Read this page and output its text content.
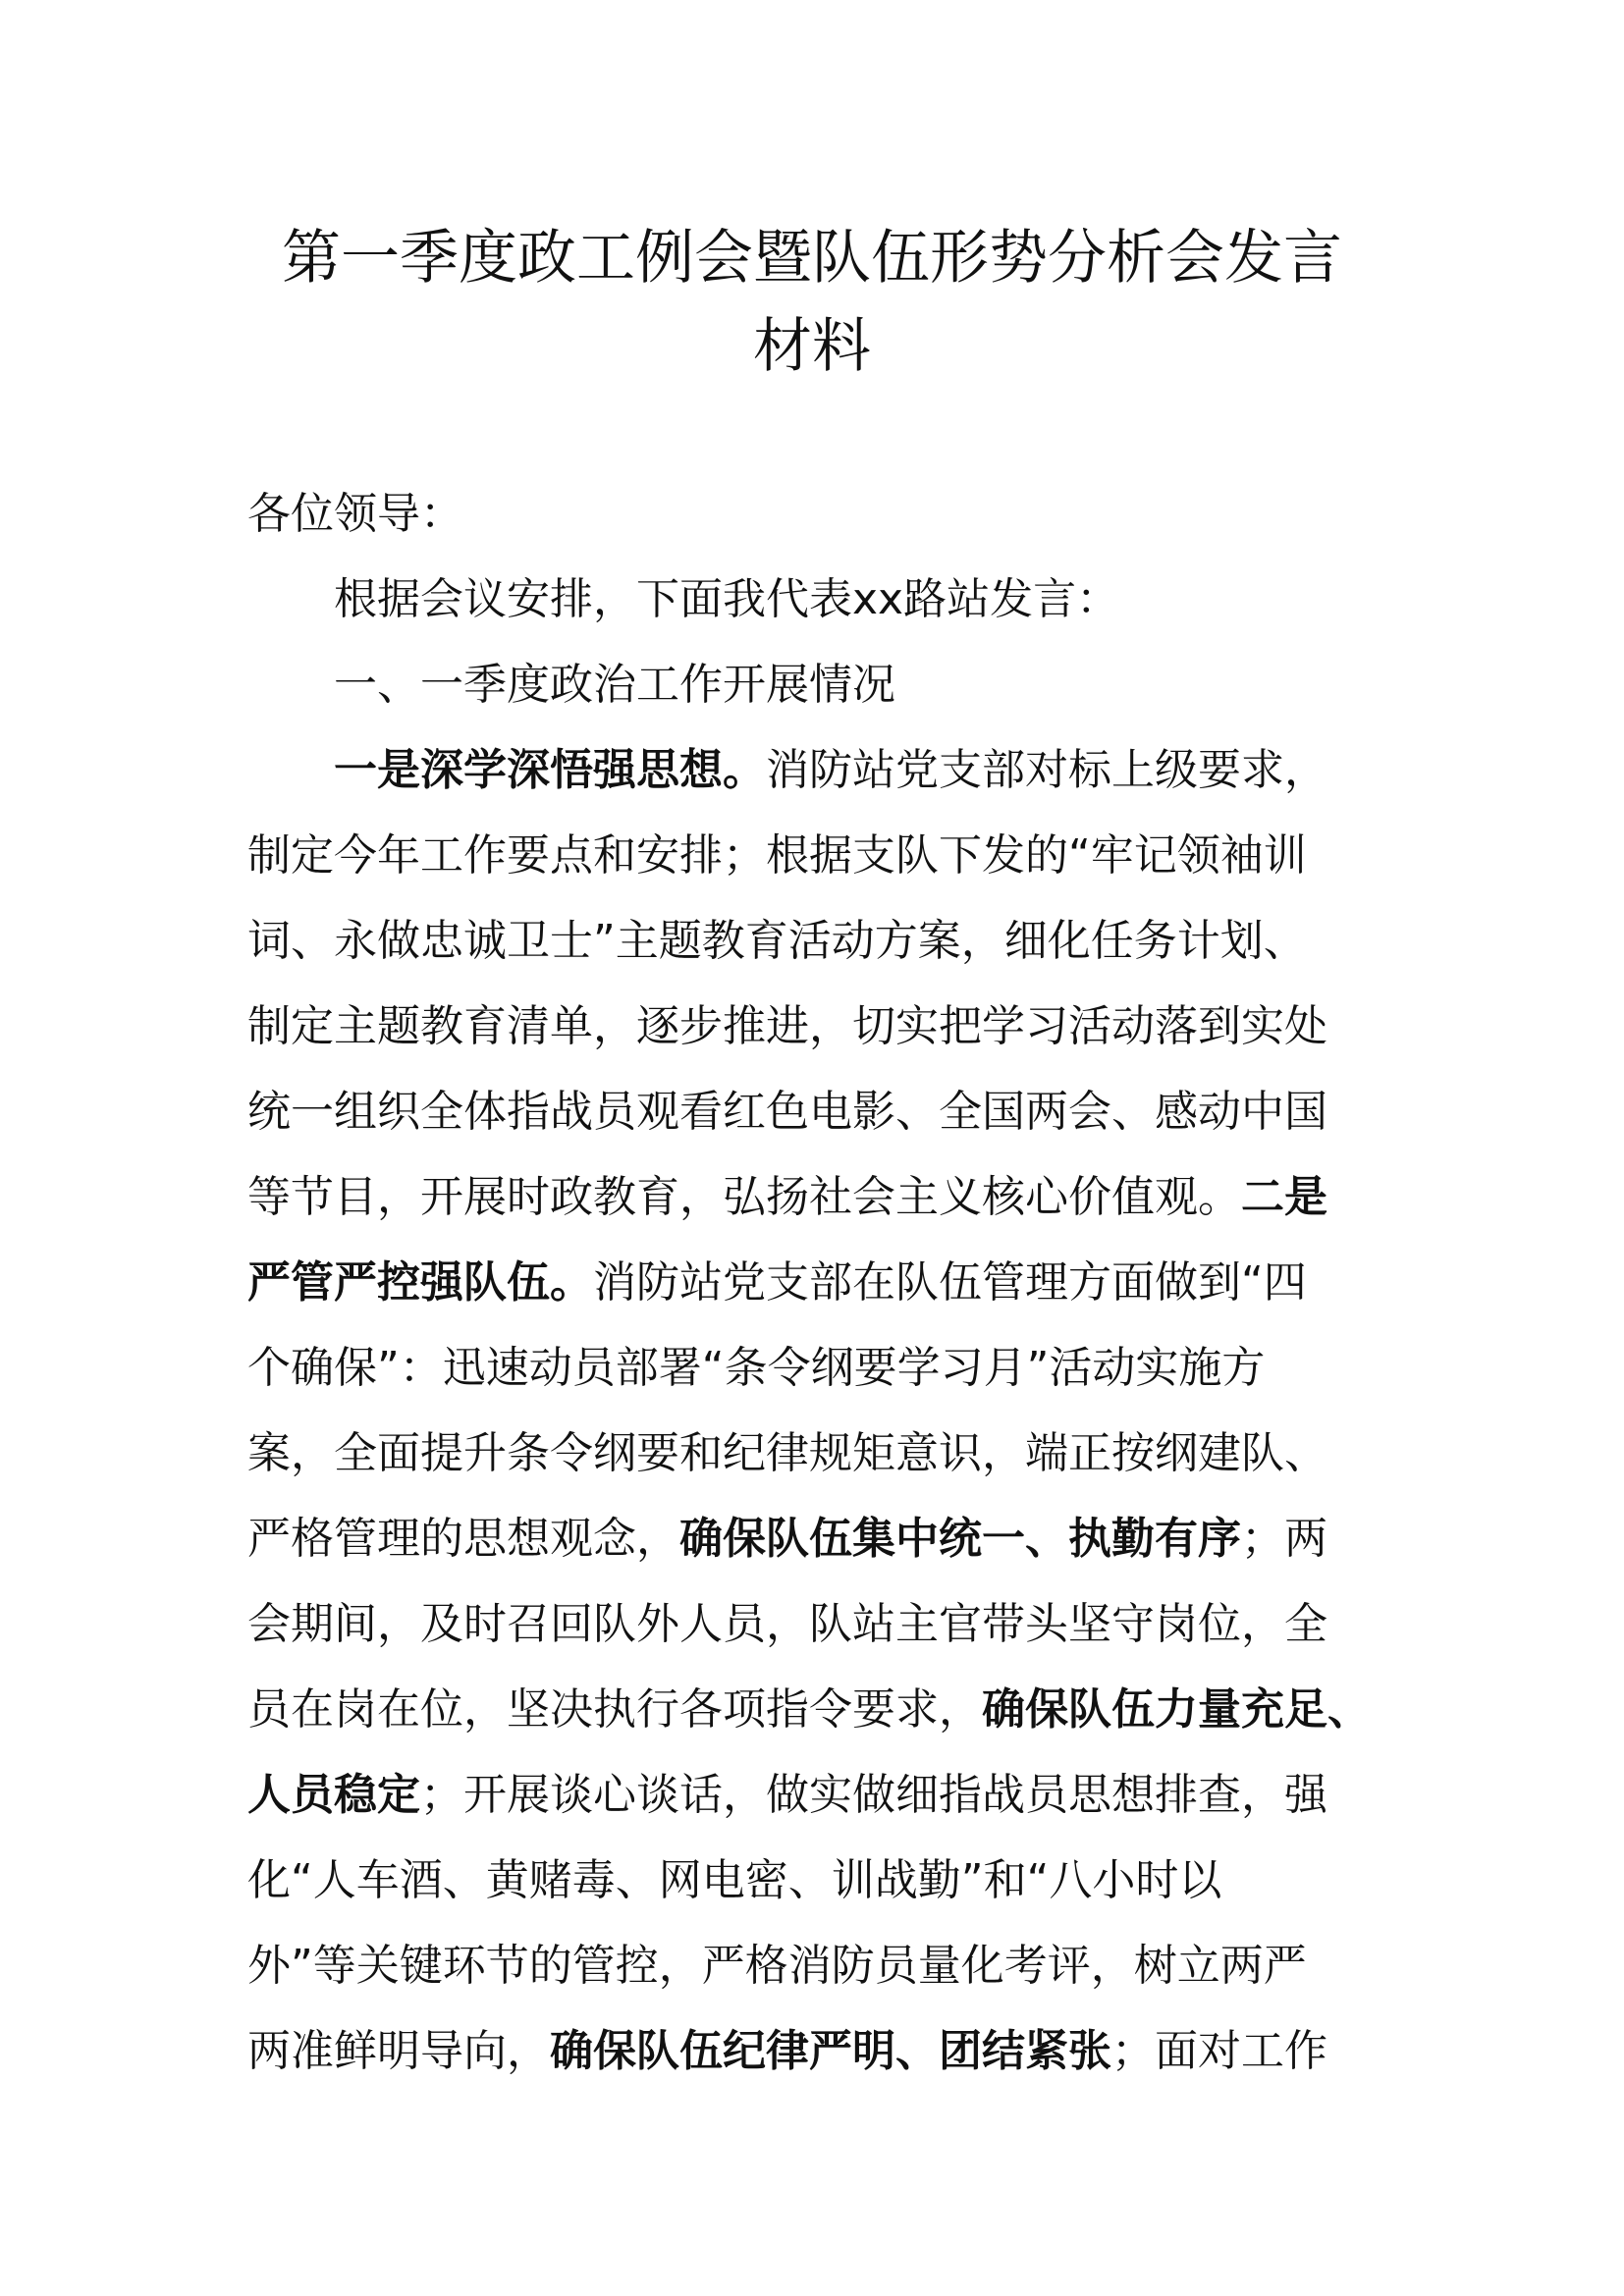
第一季度政工例会暨队伍形势分析会发言
材料

各位领导：

根据会议安排，下面我代表xx路站发言：

一、一季度政治工作开展情况

一是深学深悟强思想。消防站党支部对标上级要求，
制定今年工作要点和安排；根据支队下发的“牢记领袖训
词、永做忠诚卫士”主题教育活动方案，细化任务计划、
制定主题教育清单，逐步推进，切实把学习活动落到实处
统一组织全体指战员观看红色电影、全国两会、感动中国
等节目，开展时政教育，弘扬社会主义核心价值观。二是
严管严控强队伍。消防站党支部在队伍管理方面做到“四
个确保”：迅速动员部署“条令纲要学习月”活动实施方
案，全面提升条令纲要和纪律规矩意识，端正按纲建队、
严格管理的思想观念，确保队伍集中统一、执勤有序；两
会期间，及时召回队外人员，队站主官带头坚守岗位，全
员在岗在位，坚决执行各项指令要求，确保队伍力量充足、
人员稳定；开展谈心谈话，做实做细指战员思想排查，强
化“人车酒、黄赌毒、网电密、训战勤”和“八小时以
外”等关键环节的管控，严格消防员量化考评，树立两严
两准鲜明导向，确保队伍纪律严明、团结紧张；面对工作
